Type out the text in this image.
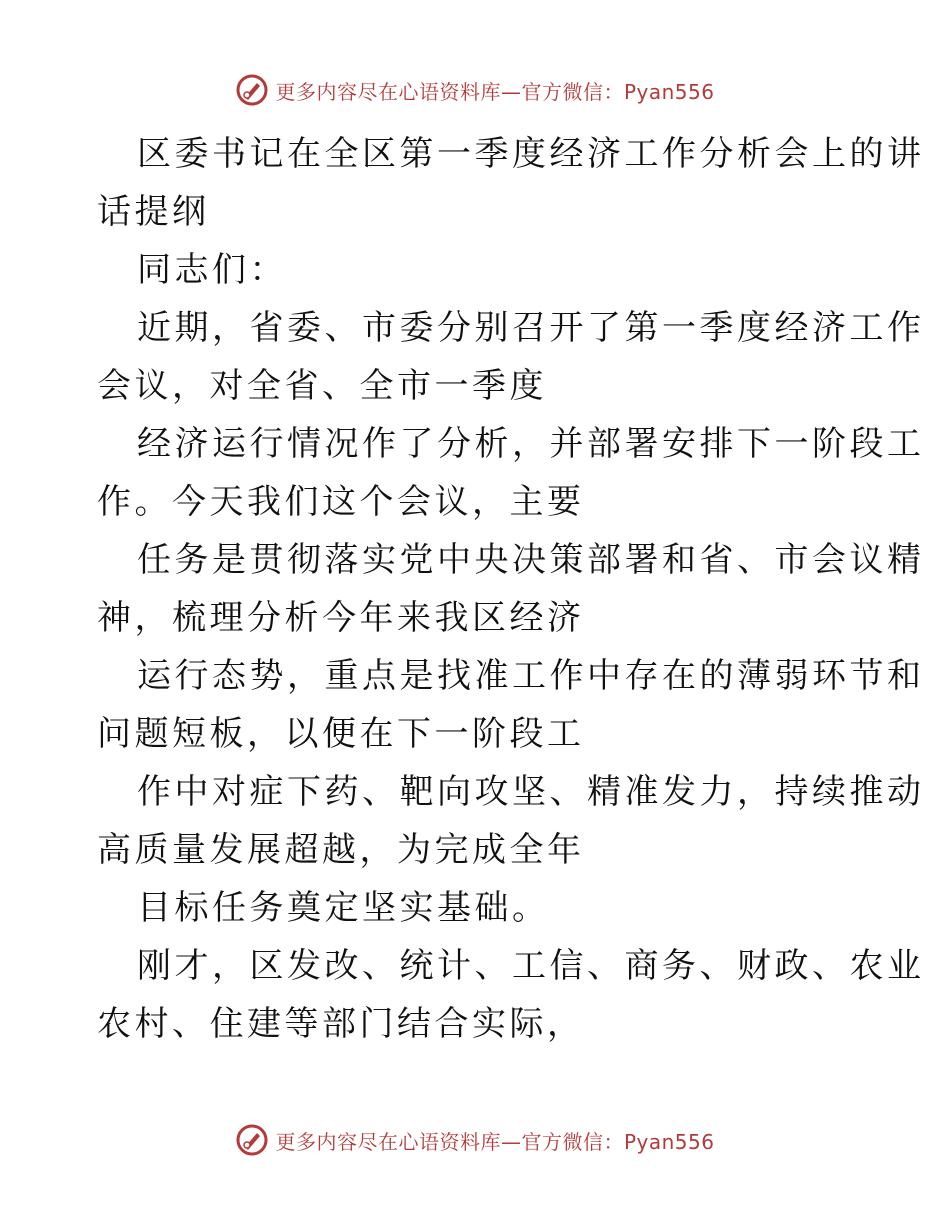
更多内容尽在心语资料库—官方微信：Pyan556
区委书记在全区第一季度经济工作分析会上的讲
话提纲
同志们：
近期，省委、市委分别召开了第一季度经济工作
会议，对全省、全市一季度
经济运行情况作了分析，并部署安排下一阶段工
作。今天我们这个会议，主要
任务是贯彻落实党中央决策部署和省、市会议精
神，梳理分析今年来我区经济
运行态势，重点是找准工作中存在的薄弱环节和
问题短板，以便在下一阶段工
作中对症下药、靶向攻坚、精准发力，持续推动
高质量发展超越，为完成全年
目标任务奠定坚实基础。
刚才，区发改、统计、工信、商务、财政、农业
农村、住建等部门结合实际，
更多内容尽在心语资料库—官方微信：Pyan556
